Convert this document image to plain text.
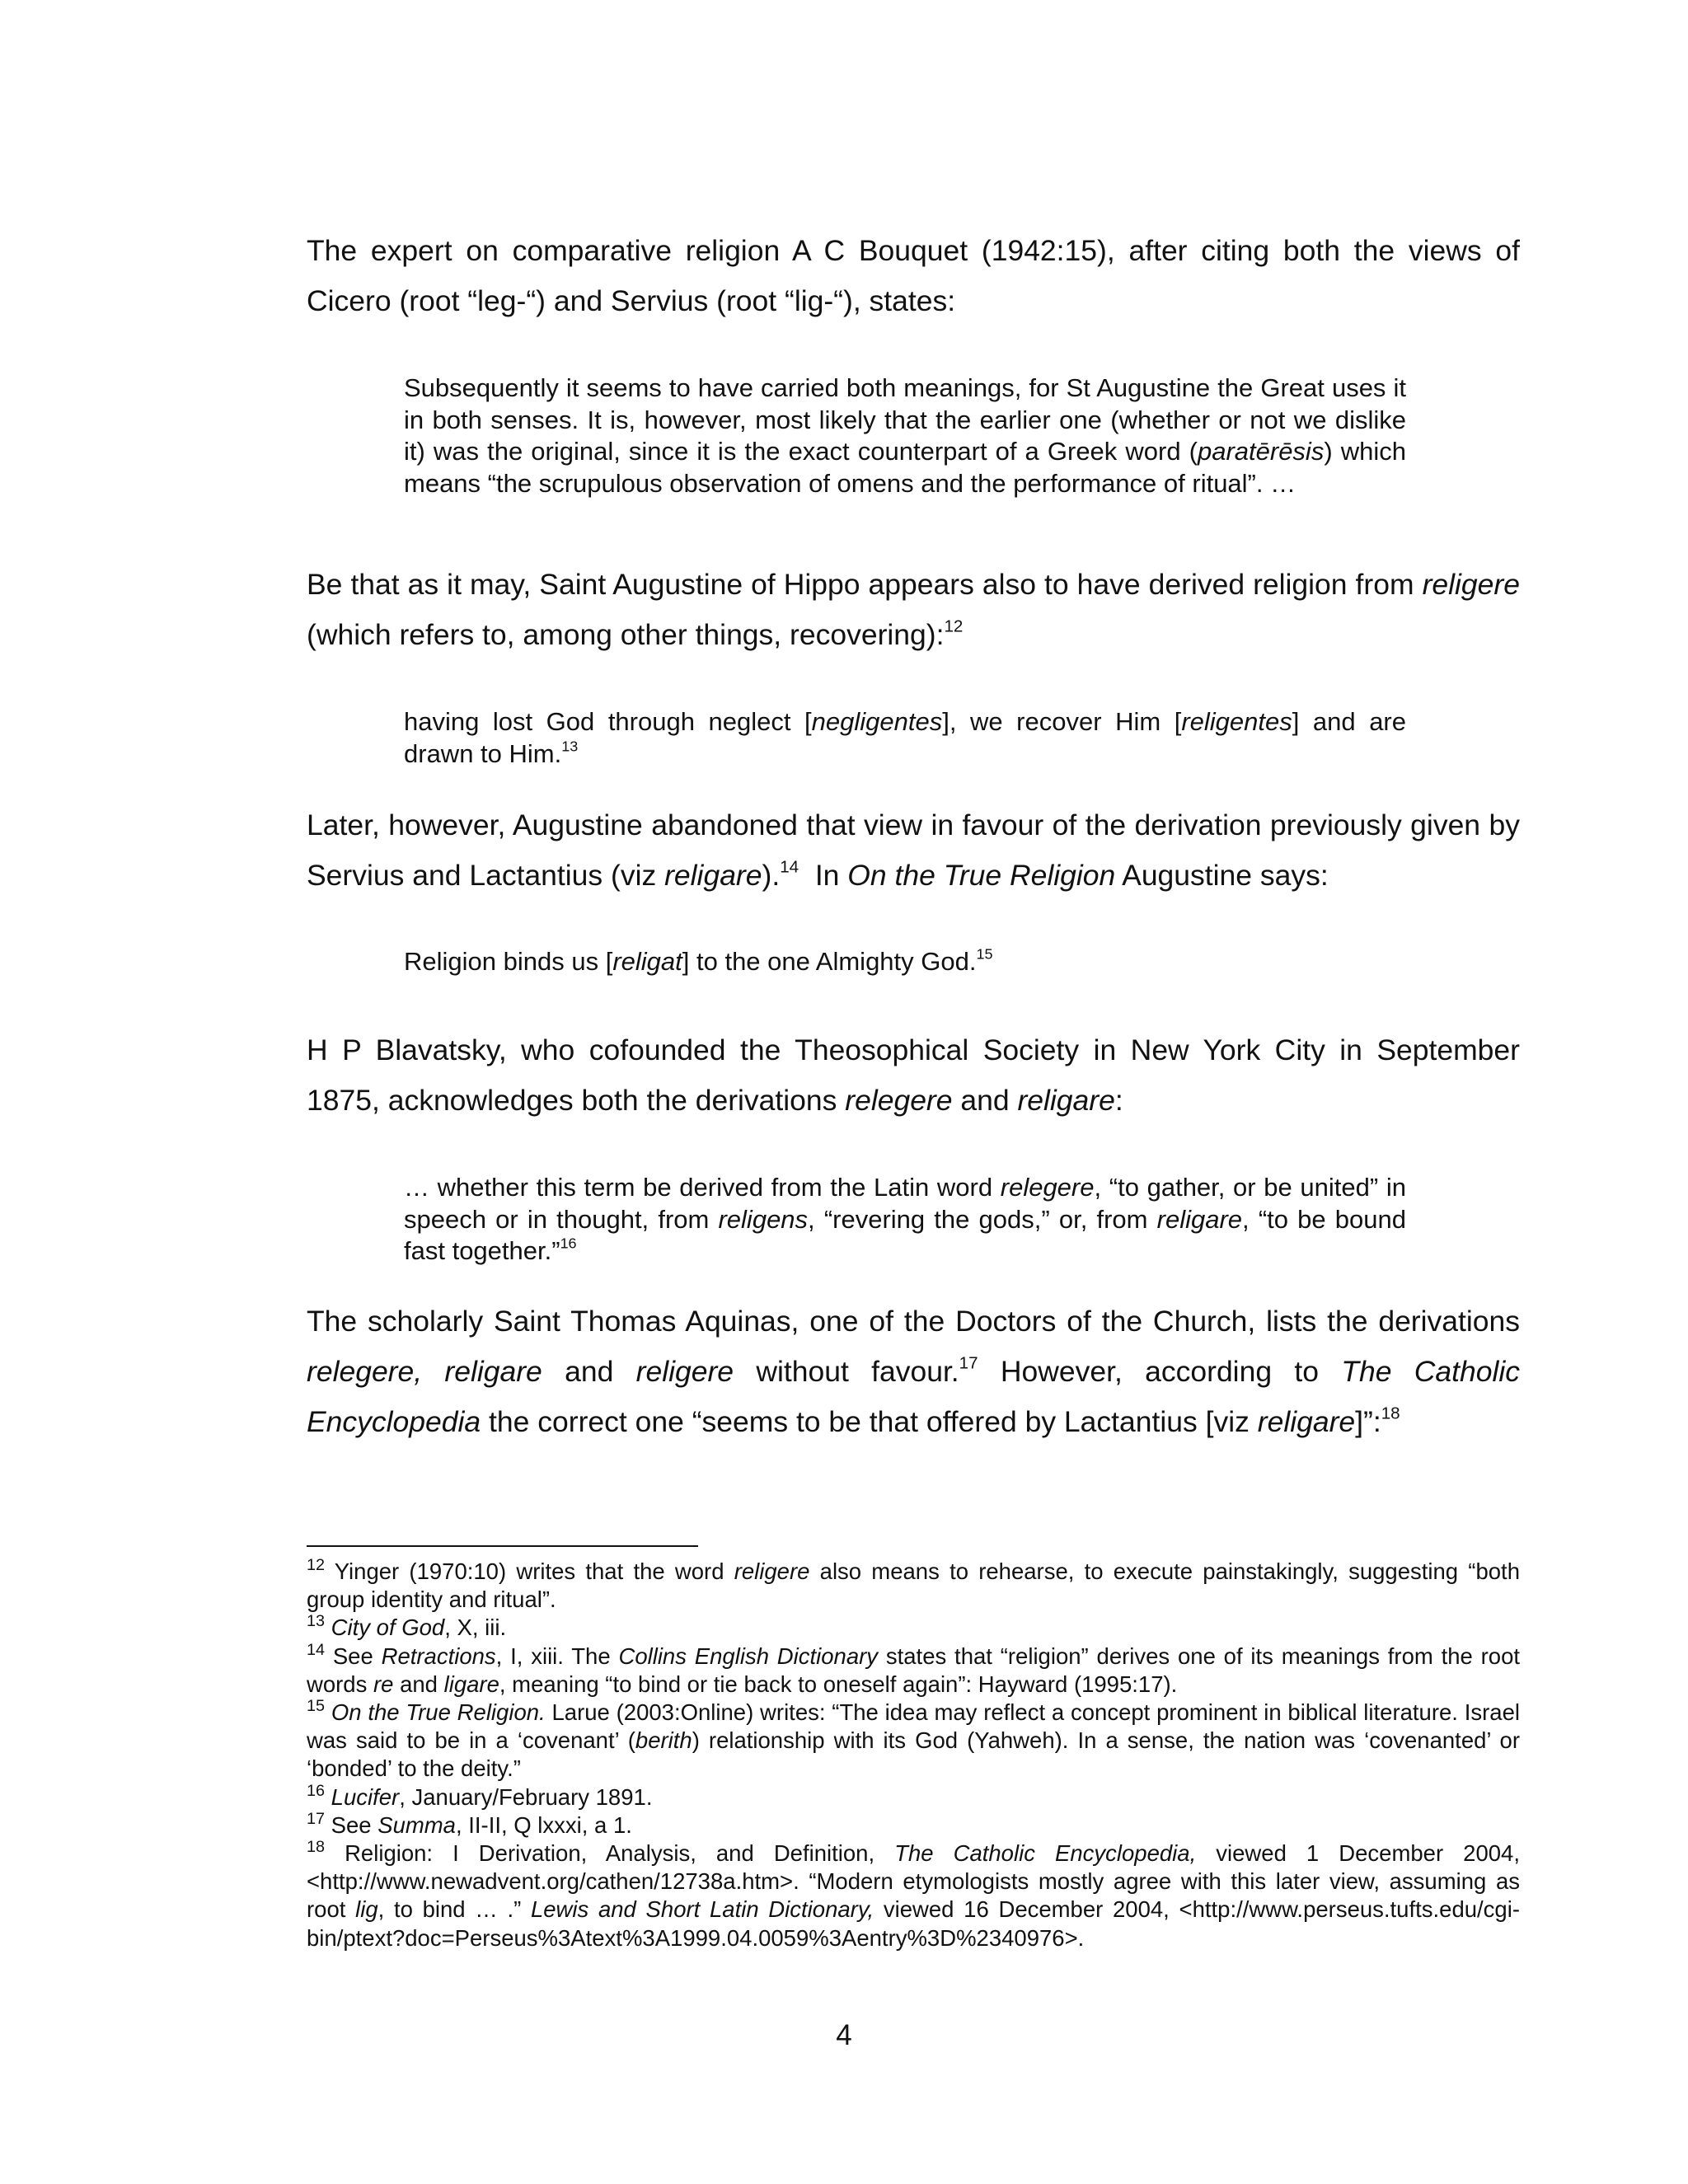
The expert on comparative religion A C Bouquet (1942:15), after citing both the views of Cicero (root “leg-“) and Servius (root “lig-“), states:

Subsequently it seems to have carried both meanings, for St Augustine the Great uses it in both senses. It is, however, most likely that the earlier one (whether or not we dislike it) was the original, since it is the exact counterpart of a Greek word (paratērēsis) which means “the scrupulous observation of omens and the performance of ritual”. …

Be that as it may, Saint Augustine of Hippo appears also to have derived religion from religere (which refers to, among other things, recovering):$^{12}$

having lost God through neglect [negligentes], we recover Him [religentes] and are drawn to Him.$^{13}$

Later, however, Augustine abandoned that view in favour of the derivation previously given by Servius and Lactantius (viz religare).$^{14}$  In On the True Religion Augustine says:

Religion binds us [religat] to the one Almighty God.$^{15}$

H P Blavatsky, who cofounded the Theosophical Society in New York City in September 1875, acknowledges both the derivations relegere and religare:

… whether this term be derived from the Latin word relegere, “to gather, or be united” in speech or in thought, from religens, “revering the gods,” or, from religare, “to be bound fast together.”$^{16}$

The scholarly Saint Thomas Aquinas, one of the Doctors of the Church, lists the derivations relegere, religare and religere without favour.$^{17}$ However, according to The Catholic Encyclopedia the correct one “seems to be that offered by Lactantius [viz religare]”:$^{18}$

$^{12}$ Yinger (1970:10) writes that the word religere also means to rehearse, to execute painstakingly, suggesting “both group identity and ritual”.

$^{13}$ City of God, X, iii.

$^{14}$ See Retractions, I, xiii. The Collins English Dictionary states that “religion” derives one of its meanings from the root words re and ligare, meaning “to bind or tie back to oneself again”: Hayward (1995:17).

$^{15}$ On the True Religion. Larue (2003:Online) writes: “The idea may reflect a concept prominent in biblical literature. Israel was said to be in a ‘covenant’ (berith) relationship with its God (Yahweh). In a sense, the nation was ‘covenanted’ or ‘bonded’ to the deity.”

$^{16}$ Lucifer, January/February 1891.

$^{17}$ See Summa, II-II, Q lxxxi, a 1.

$^{18}$ Religion: I Derivation, Analysis, and Definition, The Catholic Encyclopedia, viewed 1 December 2004, <http://www.newadvent.org/cathen/12738a.htm>. “Modern etymologists mostly agree with this later view, assuming as root lig, to bind … .” Lewis and Short Latin Dictionary, viewed 16 December 2004, <http://www.perseus.tufts.edu/cgi-bin/ptext?doc=Perseus%3Atext%3A1999.04.0059%3Aentry%3D%2340976>.

4
